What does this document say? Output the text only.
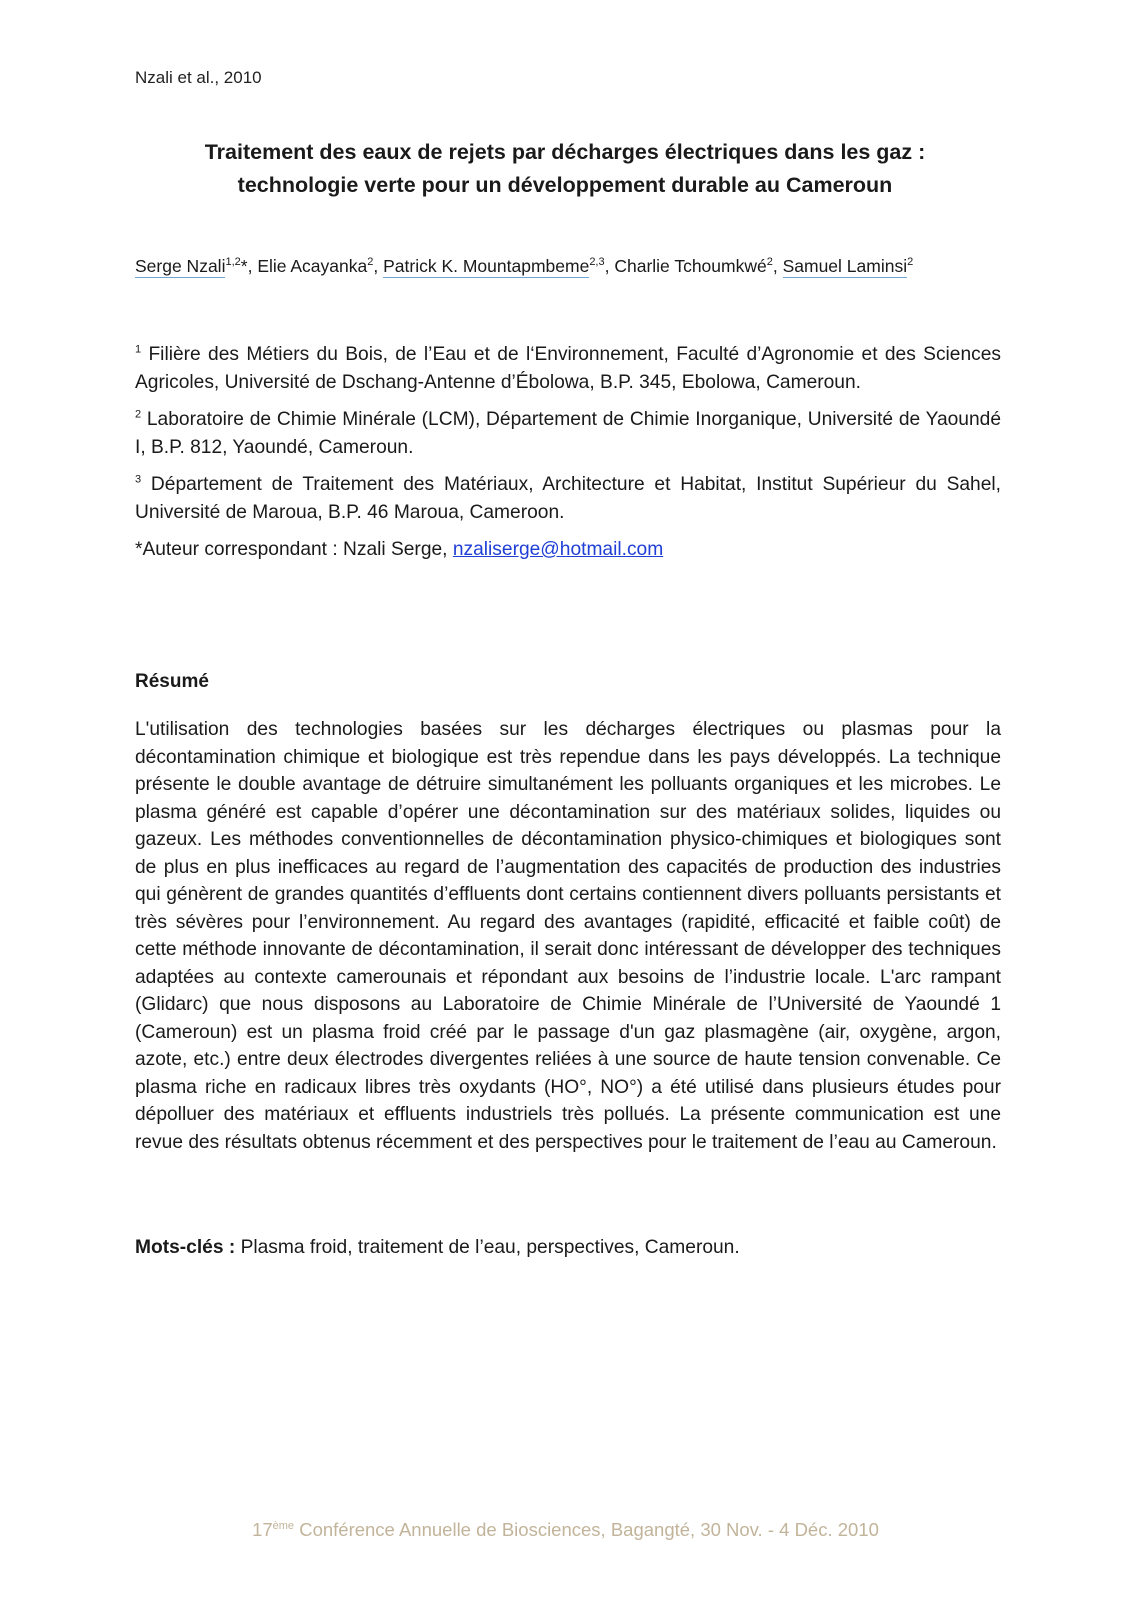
Nzali et al., 2010
Traitement des eaux de rejets par décharges électriques dans les gaz :
technologie verte pour un développement durable au Cameroun
Serge Nzali$^{1,2}$*, Elie Acayanka$^2$, Patrick K. Mountapmbeme$^{2,3}$, Charlie Tchoumkwé$^2$, Samuel Laminsi$^2$

$^1$ Filière des Métiers du Bois, de l’Eau et de l‘Environnement, Faculté d’Agronomie et des Sciences Agricoles, Université de Dschang-Antenne d’Ébolowa, B.P. 345, Ebolowa, Cameroun.

$^2$ Laboratoire de Chimie Minérale (LCM), Département de Chimie Inorganique, Université de Yaoundé I, B.P. 812, Yaoundé, Cameroun.

$^3$ Département de Traitement des Matériaux, Architecture et Habitat, Institut Supérieur du Sahel, Université de Maroua, B.P. 46 Maroua, Cameroon.

*Auteur correspondant : Nzali Serge, nzaliserge@hotmail.com

Résumé

L'utilisation des technologies basées sur les décharges électriques ou plasmas pour la décontamination chimique et biologique est très rependue dans les pays développés. La technique présente le double avantage de détruire simultanément les polluants organiques et les microbes. Le plasma généré est capable d’opérer une décontamination sur des matériaux solides, liquides ou gazeux. Les méthodes conventionnelles de décontamination physico-chimiques et biologiques sont de plus en plus inefficaces au regard de l’augmentation des capacités de production des industries qui génèrent de grandes quantités d’effluents dont certains contiennent divers polluants persistants et très sévères pour l’environnement. Au regard des avantages (rapidité, efficacité et faible coût) de cette méthode innovante de décontamination, il serait donc intéressant de développer des techniques adaptées au contexte camerounais et répondant aux besoins de l’industrie locale. L'arc rampant (Glidarc) que nous disposons au Laboratoire de Chimie Minérale de l’Université de Yaoundé 1 (Cameroun) est un plasma froid créé par le passage d'un gaz plasmagène (air, oxygène, argon, azote, etc.) entre deux électrodes divergentes reliées à une source de haute tension convenable. Ce plasma riche en radicaux libres très oxydants (HO°, NO°) a été utilisé dans plusieurs études pour dépolluer des matériaux et effluents industriels très pollués. La présente communication est une revue des résultats obtenus récemment et des perspectives pour le traitement de l’eau au Cameroun.

Mots-clés : Plasma froid, traitement de l’eau, perspectives, Cameroun.
17ème Conférence Annuelle de Biosciences, Bagangté, 30 Nov. - 4 Déc. 2010
